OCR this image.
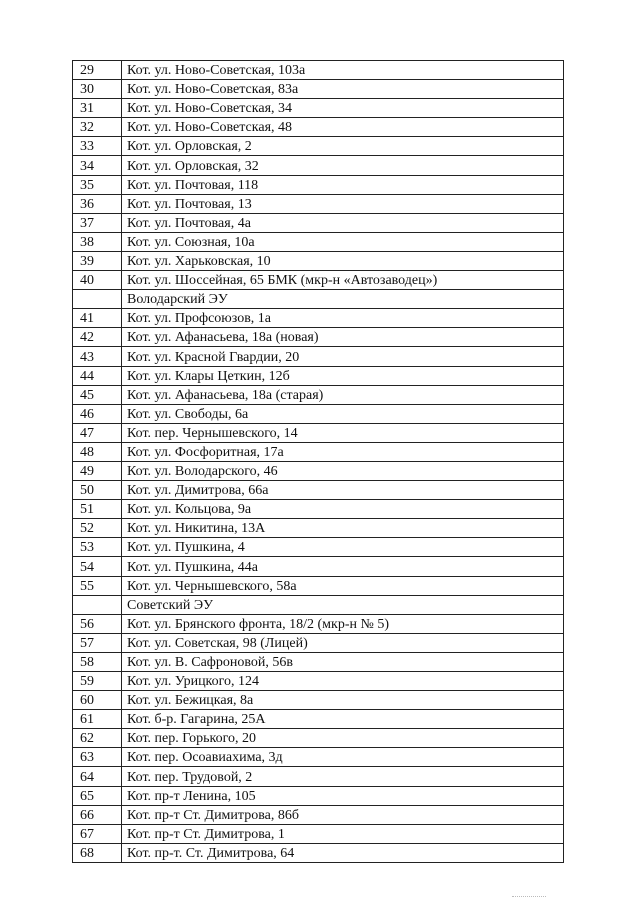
29	Кот. ул. Ново-Советская, 103а
30	Кот. ул. Ново-Советская, 83а
31	Кот. ул. Ново-Советская, 34
32	Кот. ул. Ново-Советская, 48
33	Кот. ул. Орловская, 2
34	Кот. ул. Орловская, 32
35	Кот. ул. Почтовая, 118
36	Кот. ул. Почтовая, 13
37	Кот. ул. Почтовая, 4а
38	Кот. ул. Союзная, 10а
39	Кот. ул. Харьковская, 10
40	Кот. ул. Шоссейная, 65 БМК (мкр-н «Автозаводец»)
	Володарский ЭУ
41	Кот. ул. Профсоюзов, 1а
42	Кот. ул. Афанасьева, 18а (новая)
43	Кот. ул. Красной Гвардии, 20
44	Кот. ул. Клары Цеткин, 12б
45	Кот. ул. Афанасьева, 18а (старая)
46	Кот. ул. Свободы, 6а
47	Кот. пер. Чернышевского, 14
48	Кот. ул. Фосфоритная, 17а
49	Кот. ул. Володарского, 46
50	Кот. ул. Димитрова, 66а
51	Кот. ул. Кольцова, 9а
52	Кот. ул. Никитина, 13А
53	Кот. ул. Пушкина, 4
54	Кот. ул. Пушкина, 44а
55	Кот. ул. Чернышевского, 58а
	Советский ЭУ
56	Кот. ул. Брянского фронта, 18/2 (мкр-н № 5)
57	Кот. ул. Советская, 98 (Лицей)
58	Кот. ул. В. Сафроновой, 56в
59	Кот. ул. Урицкого, 124
60	Кот. ул. Бежицкая, 8а
61	Кот. б-р. Гагарина, 25А
62	Кот. пер. Горького, 20
63	Кот. пер. Осоавиахима, 3д
64	Кот. пер. Трудовой, 2
65	Кот. пр-т Ленина, 105
66	Кот. пр-т Ст. Димитрова, 86б
67	Кот. пр-т Ст. Димитрова, 1
68	Кот. пр-т. Ст. Димитрова, 64
